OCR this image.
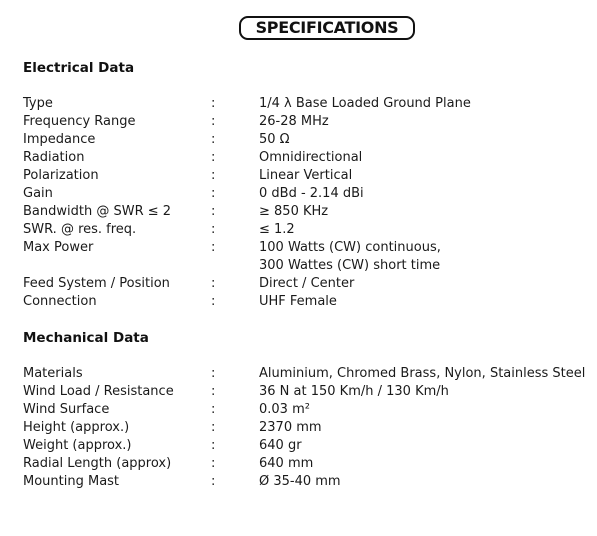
SPECIFICATIONS
Electrical Data
Type	:	1/4 λ Base Loaded Ground Plane
Frequency Range	:	26-28 MHz
Impedance	:	50 Ω
Radiation	:	Omnidirectional
Polarization	:	Linear Vertical
Gain	:	0 dBd - 2.14 dBi
Bandwidth @ SWR ≤ 2	:	≥ 850 KHz
SWR. @ res. freq.	:	≤ 1.2
Max Power	:	100 Watts (CW) continuous,
300 Wattes (CW) short time
Feed System / Position	:	Direct / Center
Connection	:	UHF Female
Mechanical Data
Materials	:	Aluminium, Chromed Brass, Nylon, Stainless Steel
Wind Load / Resistance	:	36 N at 150 Km/h / 130 Km/h
Wind Surface	:	0.03 m²
Height (approx.)	:	2370 mm
Weight (approx.)	:	640 gr
Radial Length (approx)	:	640 mm
Mounting Mast	:	Ø 35-40 mm
